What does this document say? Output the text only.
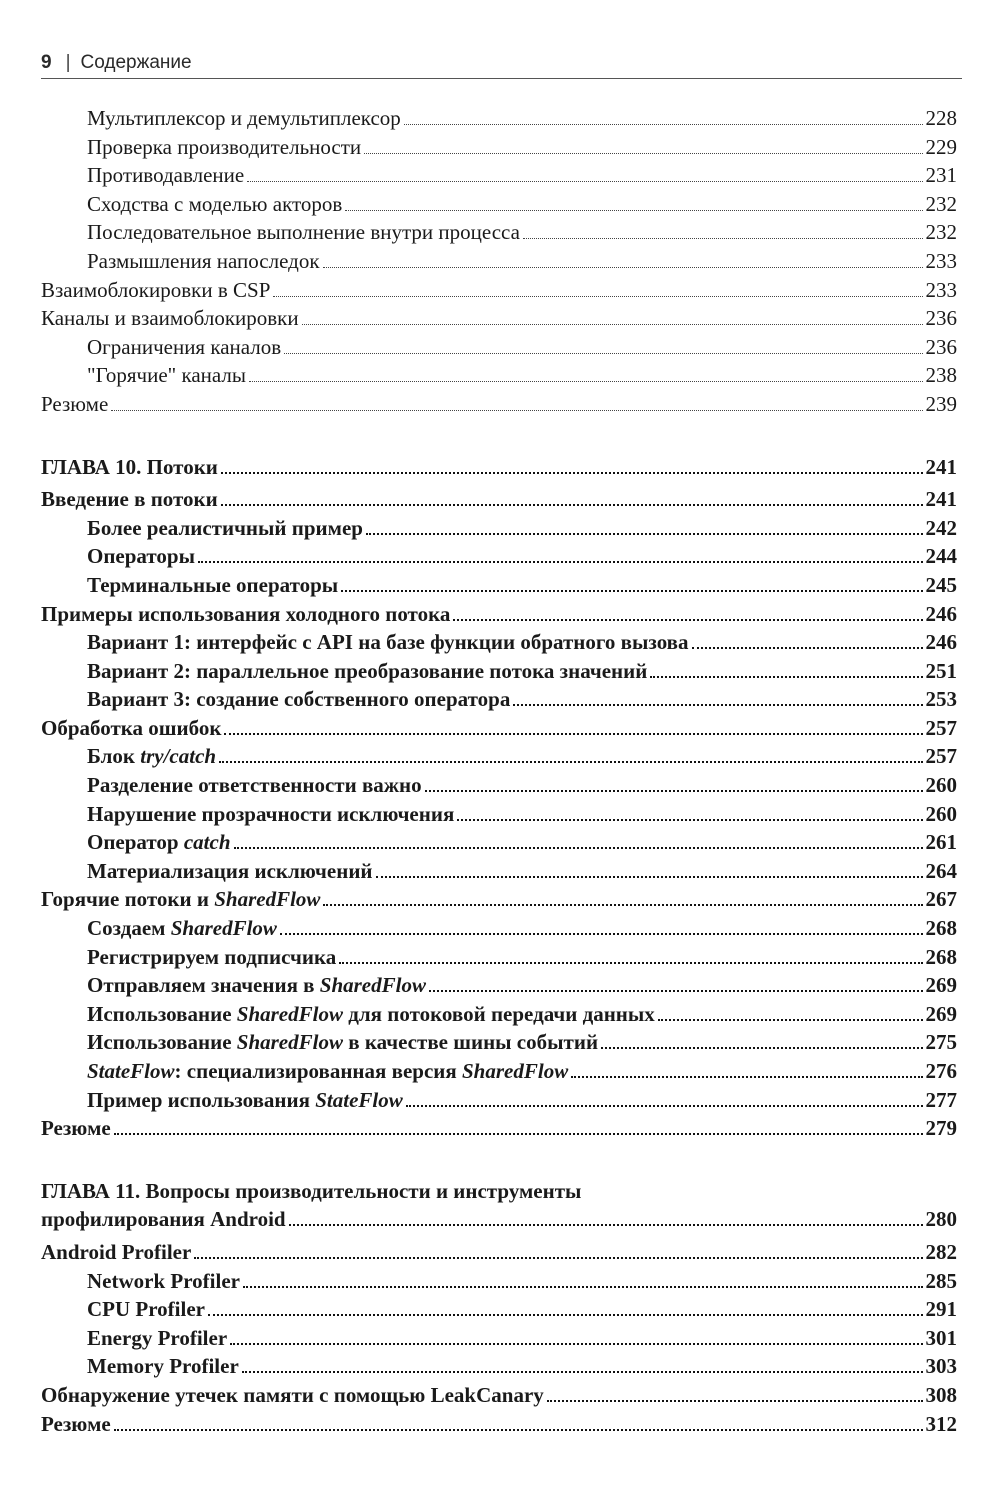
9 | Содержание
Мультиплексор и демультиплексор	228
Проверка производительности	229
Противодавление	231
Сходства с моделью акторов	232
Последовательное выполнение внутри процесса	232
Размышления напоследок	233
Взаимоблокировки в CSP	233
Каналы и взаимоблокировки	236
Ограничения каналов	236
"Горячие" каналы	238
Резюме	239
ГЛАВА 10. Потоки	241
Введение в потоки	241
Более реалистичный пример	242
Операторы	244
Терминальные операторы	245
Примеры использования холодного потока	246
Вариант 1: интерфейс с API на базе функции обратного вызова	246
Вариант 2: параллельное преобразование потока значений	251
Вариант 3: создание собственного оператора	253
Обработка ошибок	257
Блок try/catch	257
Разделение ответственности важно	260
Нарушение прозрачности исключения	260
Оператор catch	261
Материализация исключений	264
Горячие потоки и SharedFlow	267
Создаем SharedFlow	268
Регистрируем подписчика	268
Отправляем значения в SharedFlow	269
Использование SharedFlow для потоковой передачи данных	269
Использование SharedFlow в качестве шины событий	275
StateFlow: специализированная версия SharedFlow	276
Пример использования StateFlow	277
Резюме	279
ГЛАВА 11. Вопросы производительности и инструменты
профилирования Android	280
Android Profiler	282
Network Profiler	285
CPU Profiler	291
Energy Profiler	301
Memory Profiler	303
Обнаружение утечек памяти с помощью LeakCanary	308
Резюме	312
